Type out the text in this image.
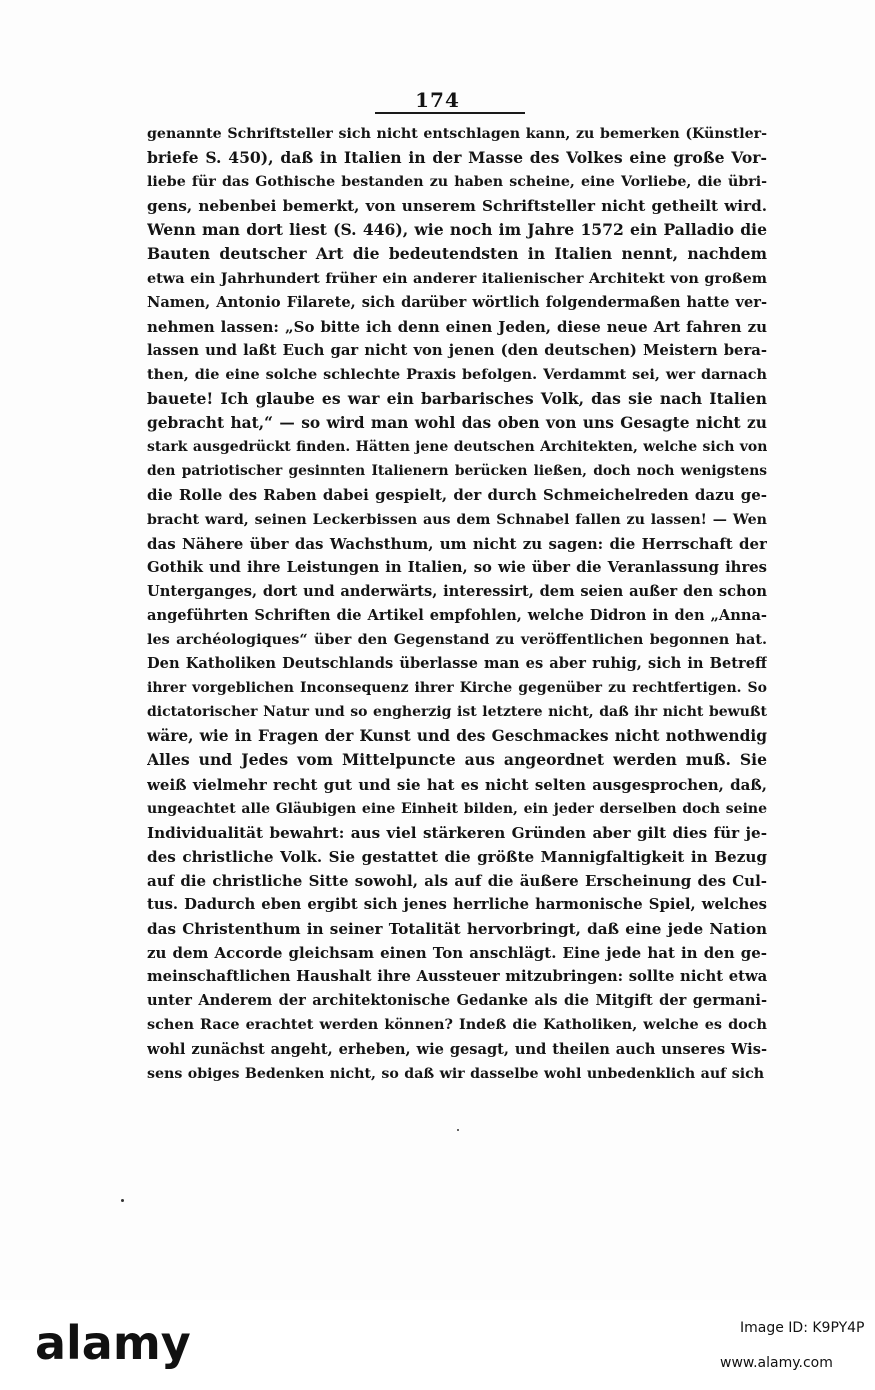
174
genannte Schriftsteller sich nicht entschlagen kann, zu bemerken (Künstler-
briefe S. 450), daß in Italien in der Masse des Volkes eine große Vor-
liebe für das Gothische bestanden zu haben scheine, eine Vorliebe, die übri-
gens, nebenbei bemerkt, von unserem Schriftsteller nicht getheilt wird.
Wenn man dort liest (S. 446), wie noch im Jahre 1572 ein Palladio die
Bauten deutscher Art die bedeutendsten in Italien nennt, nachdem
etwa ein Jahrhundert früher ein anderer italienischer Architekt von großem
Namen, Antonio Filarete, sich darüber wörtlich folgendermaßen hatte ver-
nehmen lassen: „So bitte ich denn einen Jeden, diese neue Art fahren zu
lassen und laßt Euch gar nicht von jenen (den deutschen) Meistern bera-
then, die eine solche schlechte Praxis befolgen. Verdammt sei, wer darnach
bauete! Ich glaube es war ein barbarisches Volk, das sie nach Italien
gebracht hat,“ — so wird man wohl das oben von uns Gesagte nicht zu
stark ausgedrückt finden. Hätten jene deutschen Architekten, welche sich von
den patriotischer gesinnten Italienern berücken ließen, doch noch wenigstens
die Rolle des Raben dabei gespielt, der durch Schmeichelreden dazu ge-
bracht ward, seinen Leckerbissen aus dem Schnabel fallen zu lassen! — Wen
das Nähere über das Wachsthum, um nicht zu sagen: die Herrschaft der
Gothik und ihre Leistungen in Italien, so wie über die Veranlassung ihres
Unterganges, dort und anderwärts, interessirt, dem seien außer den schon
angeführten Schriften die Artikel empfohlen, welche Didron in den „Anna-
les archéologiques“ über den Gegenstand zu veröffentlichen begonnen hat.
Den Katholiken Deutschlands überlasse man es aber ruhig, sich in Betreff
ihrer vorgeblichen Inconsequenz ihrer Kirche gegenüber zu rechtfertigen. So
dictatorischer Natur und so engherzig ist letztere nicht, daß ihr nicht bewußt
wäre, wie in Fragen der Kunst und des Geschmackes nicht nothwendig
Alles und Jedes vom Mittelpuncte aus angeordnet werden muß. Sie
weiß vielmehr recht gut und sie hat es nicht selten ausgesprochen, daß,
ungeachtet alle Gläubigen eine Einheit bilden, ein jeder derselben doch seine
Individualität bewahrt: aus viel stärkeren Gründen aber gilt dies für je-
des christliche Volk. Sie gestattet die größte Mannigfaltigkeit in Bezug
auf die christliche Sitte sowohl, als auf die äußere Erscheinung des Cul-
tus. Dadurch eben ergibt sich jenes herrliche harmonische Spiel, welches
das Christenthum in seiner Totalität hervorbringt, daß eine jede Nation
zu dem Accorde gleichsam einen Ton anschlägt. Eine jede hat in den ge-
meinschaftlichen Haushalt ihre Aussteuer mitzubringen: sollte nicht etwa
unter Anderem der architektonische Gedanke als die Mitgift der germani-
schen Race erachtet werden können? Indeß die Katholiken, welche es doch
wohl zunächst angeht, erheben, wie gesagt, und theilen auch unseres Wis-
sens obiges Bedenken nicht, so daß wir dasselbe wohl unbedenklich auf sich
alamy	Image ID: K9PY4P
www.alamy.com
